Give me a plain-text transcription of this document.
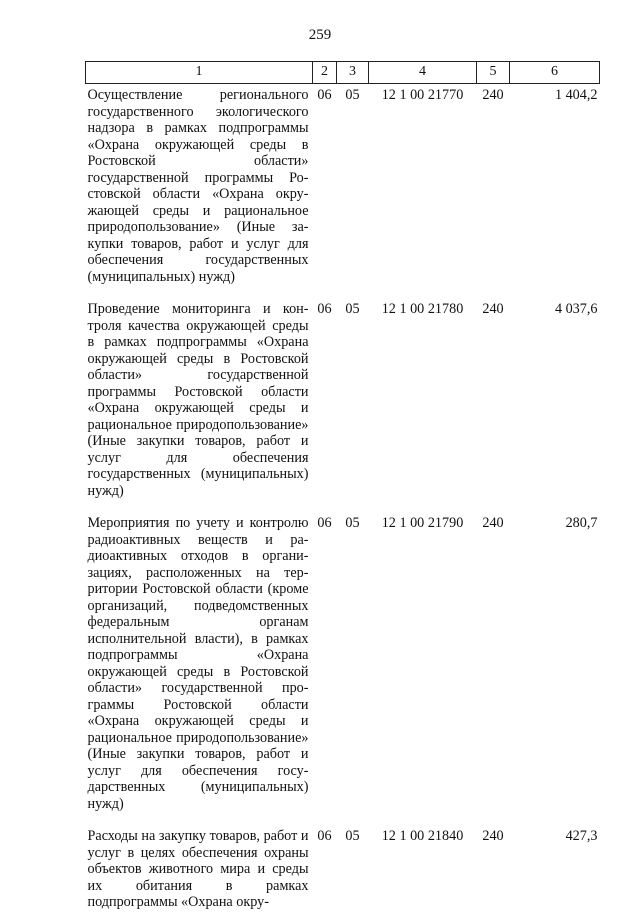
259
1	2	3	4	5	6
Осуществление регионального государственного экологического надзора в рамках подпрограммы «Охрана окружающей среды в Ростовской области» государственной программы Ростовской области «Охрана окружающей среды и рациональное природопользование» (Иные закупки товаров, работ и услуг для обеспечения государственных (муниципальных) нужд)	06	05	12 1 00 21770	240	1 404,2
Проведение мониторинга и контроля качества окружающей среды в рамках подпрограммы «Охрана окружающей среды в Ростовской области» государственной программы Ростовской области «Охрана окружающей среды и рациональное природопользование» (Иные закупки товаров, работ и услуг для обеспечения государственных (муниципальных) нужд)	06	05	12 1 00 21780	240	4 037,6
Мероприятия по учету и контролю радиоактивных веществ и радиоактивных отходов в организациях, расположенных на территории Ростовской области (кроме организаций, подведомственных федеральным органам исполнительной власти), в рамках подпрограммы «Охрана окружающей среды в Ростовской области» государственной программы Ростовской области «Охрана окружающей среды и рациональное природопользование» (Иные закупки товаров, работ и услуг для обеспечения государственных (муниципальных) нужд)	06	05	12 1 00 21790	240	280,7
Расходы на закупку товаров, работ и услуг в целях обеспечения охраны объектов животного мира и среды их обитания в рамках подпрограммы «Охрана окру-	06	05	12 1 00 21840	240	427,3
